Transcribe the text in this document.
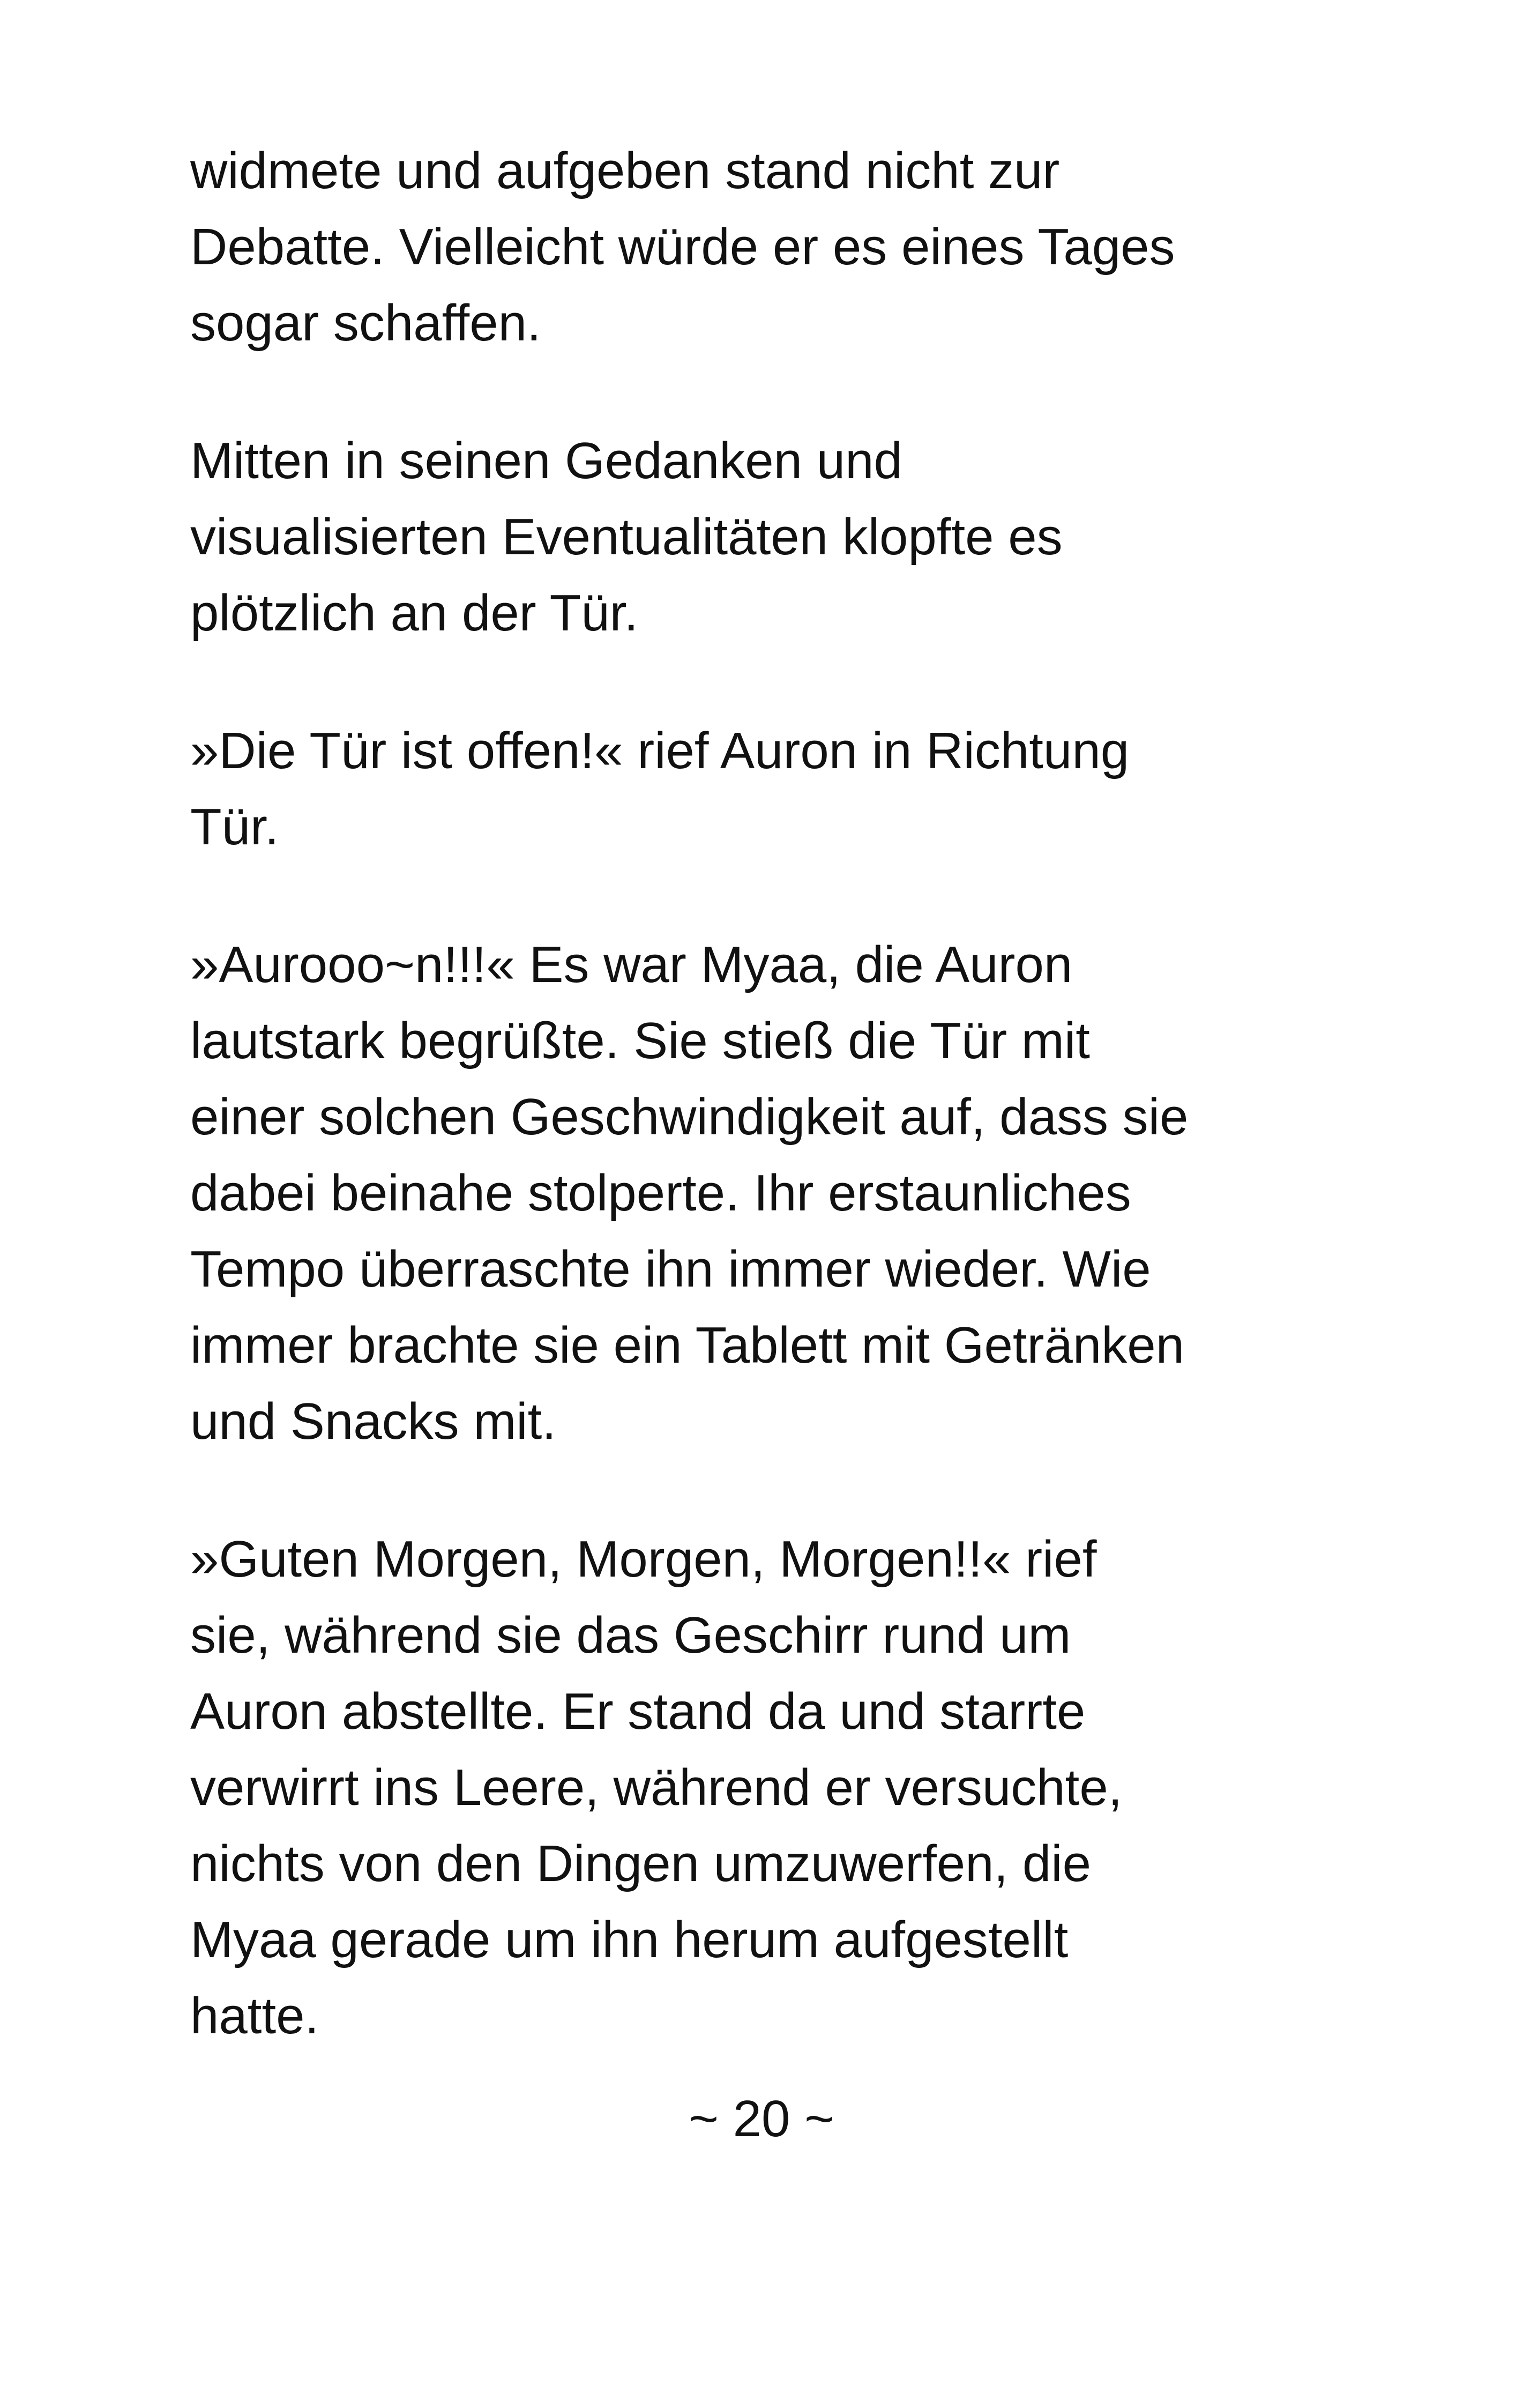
widmete und aufgeben stand nicht zur
Debatte. Vielleicht würde er es eines Tages
sogar schaffen.

Mitten in seinen Gedanken und
visualisierten Eventualitäten klopfte es
plötzlich an der Tür.

»Die Tür ist offen!« rief Auron in Richtung
Tür.

»Aurooo~n!!!« Es war Myaa, die Auron
lautstark begrüßte. Sie stieß die Tür mit
einer solchen Geschwindigkeit auf, dass sie
dabei beinahe stolperte. Ihr erstaunliches
Tempo überraschte ihn immer wieder. Wie
immer brachte sie ein Tablett mit Getränken
und Snacks mit.

»Guten Morgen, Morgen, Morgen!!« rief
sie, während sie das Geschirr rund um
Auron abstellte. Er stand da und starrte
verwirrt ins Leere, während er versuchte,
nichts von den Dingen umzuwerfen, die
Myaa gerade um ihn herum aufgestellt
hatte.

~ 20 ~
